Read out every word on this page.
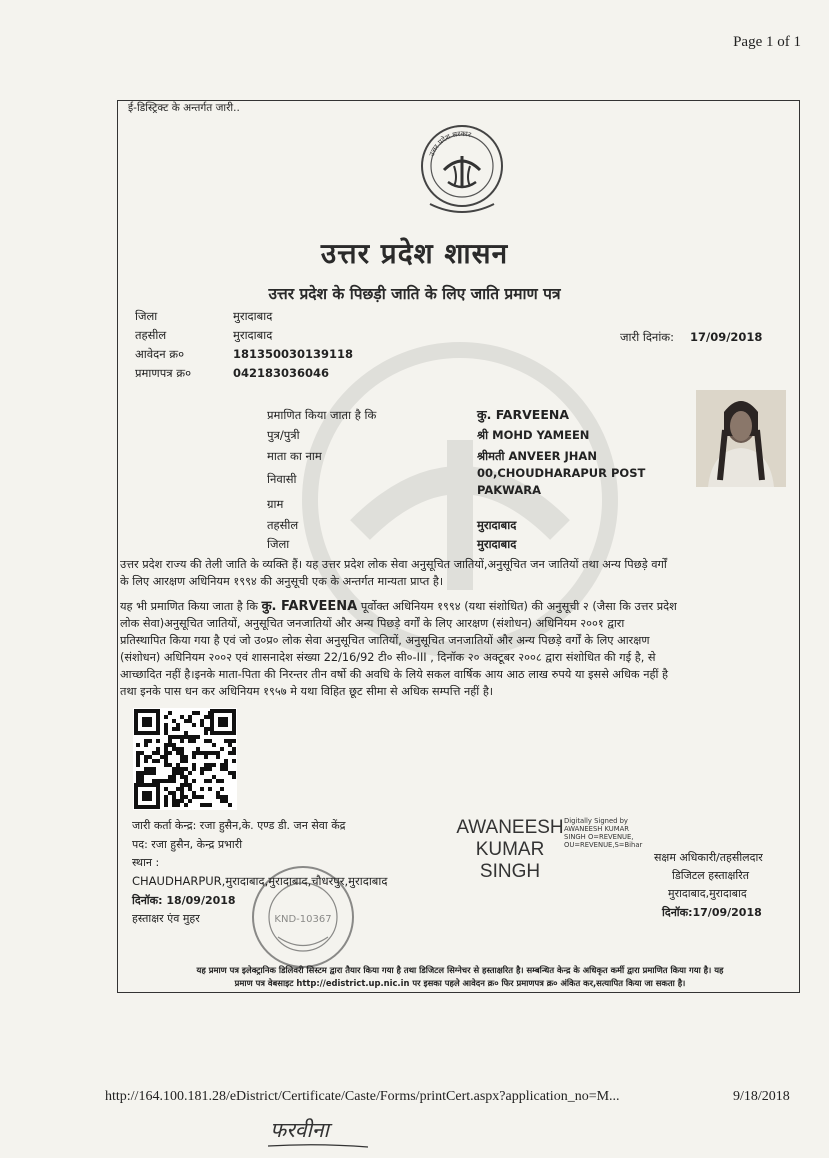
Page 1 of 1
ई-डिस्ट्रिक्ट के अन्तर्गत जारी..
उत्तर प्रदेश सरकार
उत्तर प्रदेश शासन
उत्तर प्रदेश के पिछड़ी जाति के लिए जाति प्रमाण पत्र
जिला	मुरादाबाद
तहसील	मुरादाबाद
आवेदन क्र०	181350030139118
प्रमाणपत्र क्र०	042183036046
जारी दिनांक: 17/09/2018
प्रमाणित किया जाता है कि	कु. FARVEENA
पुत्र/पुत्री	श्री MOHD YAMEEN
माता का नाम	श्रीमती ANVEER JHAN
निवासी	00,CHOUDHARAPUR POST
PAKWARA
ग्राम
तहसील	मुरादाबाद
जिला	मुरादाबाद
उत्तर प्रदेश राज्य की तेली जाति के व्यक्ति हैं। यह उत्तर प्रदेश लोक सेवा अनुसूचित जातियों,अनुसूचित जन जातियों तथा अन्य पिछड़े वर्गों
के लिए आरक्षण अधिनियम १९९४ की अनुसूची एक के अन्तर्गत मान्यता प्राप्त है।
यह भी प्रमाणित किया जाता है कि कु. FARVEENA पूर्वोक्त अधिनियम १९९४ (यथा संशोधित) की अनुसूची २ (जैसा कि उत्तर प्रदेश
लोक सेवा)अनुसूचित जातियों, अनुसूचित जनजातियों और अन्य पिछड़े वर्गों के लिए आरक्षण (संशोधन) अधिनियम २००१ द्वारा
प्रतिस्थापित किया गया है एवं जो उ०प्र० लोक सेवा अनुसूचित जातियों, अनुसूचित जनजातियों और अन्य पिछड़े वर्गों के लिए आरक्षण
(संशोधन) अधिनियम २००२ एवं शासनादेश संख्या 22/16/92 टी० सी०-III , दिनॉक २० अक्टूबर २००८ द्वारा संशोधित की गई है, से
आच्छादित नहीं है।इनके माता-पिता की निरन्तर तीन वर्षो की अवधि के लिये सकल वार्षिक आय आठ लाख रुपये या इससे अधिक नहीं है
तथा इनके पास धन कर अधिनियम १९५७ मे यथा विहित छूट सीमा से अधिक सम्पत्ति नहीं है।
जारी कर्ता केन्द्र: रजा हुसैन,के. एण्ड डी. जन सेवा केंद्र
पद: रजा हुसैन, केन्द्र प्रभारी
स्थान :
CHAUDHARPUR,मुरादाबाद,मुरादाबाद,चौधरपुर,मुरादाबाद
दिनॉक: 18/09/2018
हस्ताक्षर एंव मुहर
AWANEESH
KUMAR
SINGH
Digitally Signed by
AWANEESH KUMAR
SINGH O=REVENUE,
OU=REVENUE,S=Bihar
सक्षम अधिकारी/तहसीलदार
डिजिटल हस्ताक्षरित
मुरादाबाद,मुरादाबाद
दिनॉक:17/09/2018
KND-10367
यह प्रमाण पत्र इलेक्ट्रानिक डिलिवरी सिस्टम द्वारा तैयार किया गया है तथा डिजिटल सिग्नेचर से हस्ताक्षरित है। सम्बन्धित केन्द्र के अधिकृत कर्मी द्वारा प्रमाणित किया गया है। यह
प्रमाण पत्र वेबसाइट http://edistrict.up.nic.in पर इसका पहले आवेदन क्र० फिर प्रमाणपत्र क्र० अंकित कर,सत्यापित किया जा सकता है।
http://164.100.181.28/eDistrict/Certificate/Caste/Forms/printCert.aspx?application_no=M...	9/18/2018
फरवीना
